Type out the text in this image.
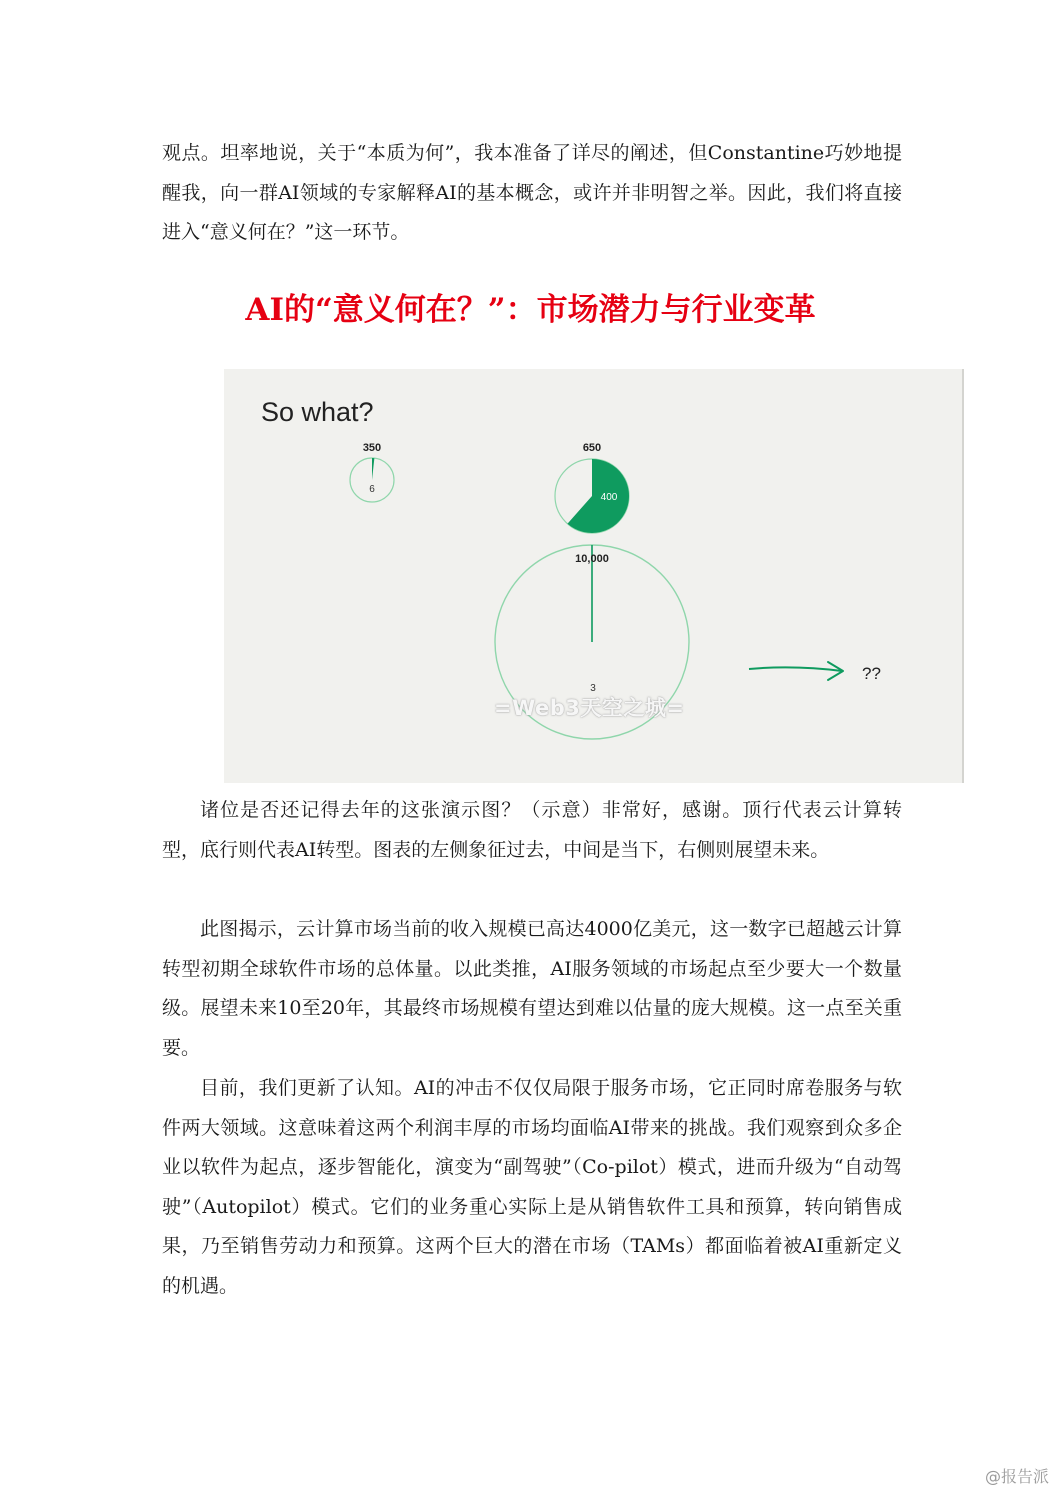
观点。坦率地说，关于“本质为何”，我本准备了详尽的阐述，但Constantine巧妙地提醒我，向一群AI领域的专家解释AI的基本概念，或许并非明智之举。因此，我们将直接进入“意义何在？”这一环节。

AI的“意义何在？”：市场潜力与行业变革
350
6
650
400
10,000
3
??
So what?
=Web3天空之城=

诸位是否还记得去年的这张演示图？（示意）非常好，感谢。顶行代表云计算转型，底行则代表AI转型。图表的左侧象征过去，中间是当下，右侧则展望未来。

此图揭示，云计算市场当前的收入规模已高达4000亿美元，这一数字已超越云计算转型初期全球软件市场的总体量。以此类推，AI服务领域的市场起点至少要大一个数量级。展望未来10至20年，其最终市场规模有望达到难以估量的庞大规模。这一点至关重要。

目前，我们更新了认知。AI的冲击不仅仅局限于服务市场，它正同时席卷服务与软件两大领域。这意味着这两个利润丰厚的市场均面临AI带来的挑战。我们观察到众多企业以软件为起点，逐步智能化，演变为“副驾驶”（Co-pilot）模式，进而升级为“自动驾驶”（Autopilot）模式。它们的业务重心实际上是从销售软件工具和预算，转向销售成果，乃至销售劳动力和预算。这两个巨大的潜在市场（TAMs）都面临着被AI重新定义的机遇。

@报告派
